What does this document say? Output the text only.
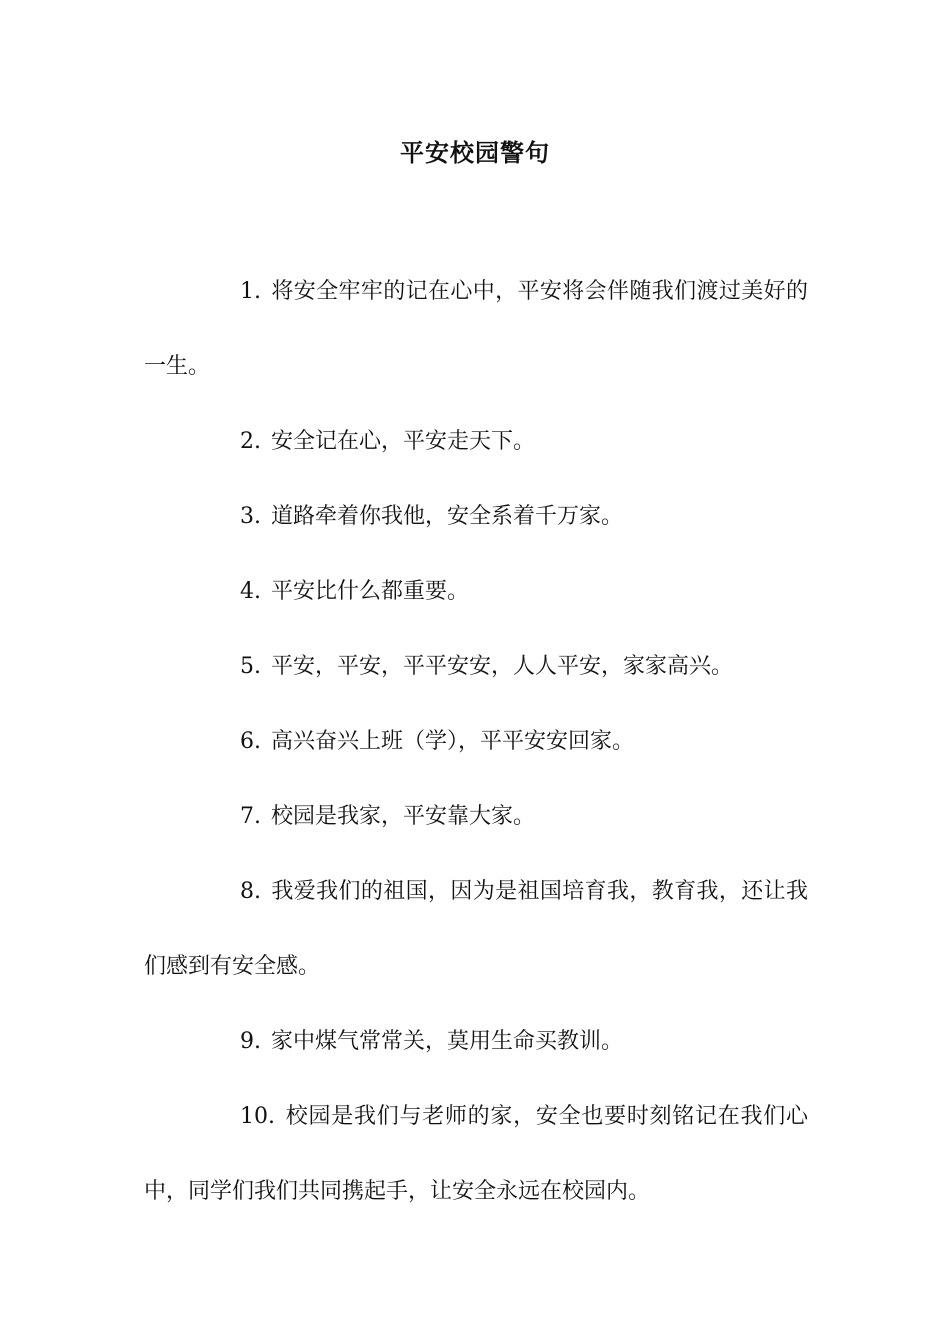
平安校园警句

1. 将安全牢牢的记在心中，平安将会伴随我们渡过美好的一生。

2. 安全记在心，平安走天下。

3. 道路牵着你我他，安全系着千万家。

4. 平安比什么都重要。

5. 平安，平安，平平安安，人人平安，家家高兴。

6. 高兴奋兴上班（学），平平安安回家。

7. 校园是我家，平安靠大家。

8. 我爱我们的祖国，因为是祖国培育我，教育我，还让我们感到有安全感。

9. 家中煤气常常关，莫用生命买教训。

10. 校园是我们与老师的家，安全也要时刻铭记在我们心中，同学们我们共同携起手，让安全永远在校园内。
